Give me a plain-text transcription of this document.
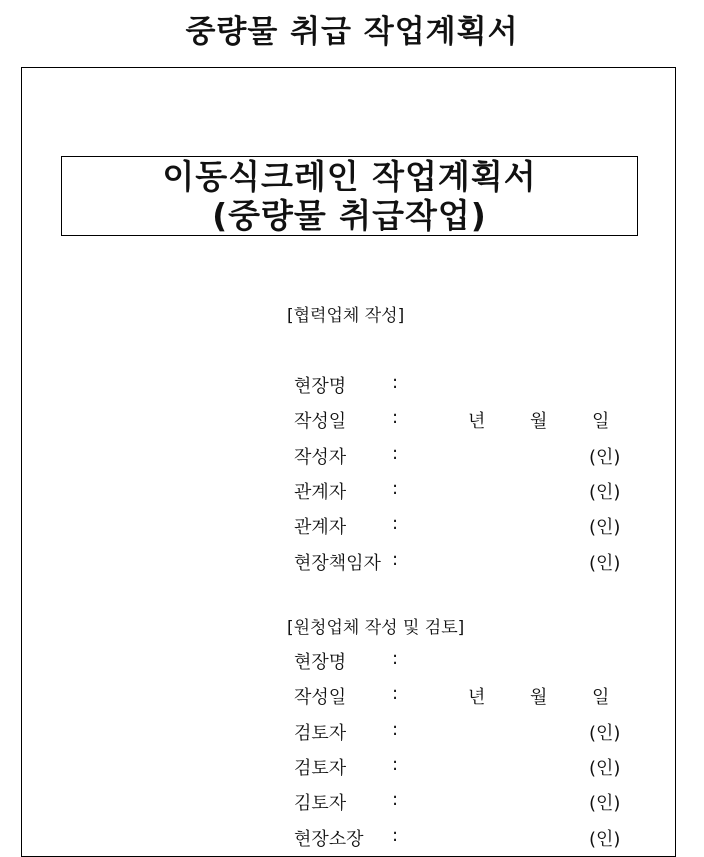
중량물 취급 작업계획서
이동식크레인 작업계획서
(중량물 취급작업)
[협력업체 작성]
현장명	:
작성일	:	년 월 일
작성자	:	(인)
관계자	:	(인)
관계자	:	(인)
현장책임자 :	(인)
[원청업체 작성 및 검토]
현장명	:
작성일	:	년 월 일
검토자	:	(인)
검토자	:	(인)
김토자	:	(인)
현장소장	:	(인)
